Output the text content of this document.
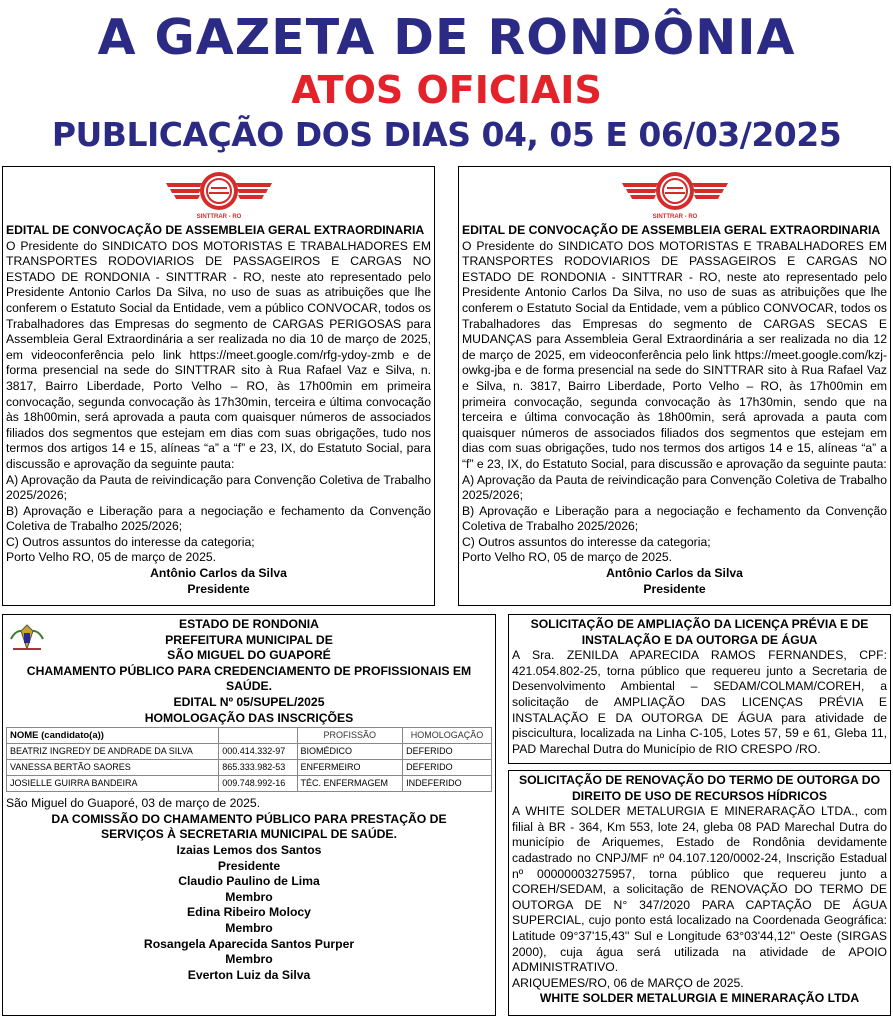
A GAZETA DE RONDÔNIA
ATOS OFICIAIS
PUBLICAÇÃO DOS DIAS 04, 05 E 06/03/2025
SINTTRAR - RO
EDITAL DE CONVOCAÇÃO DE ASSEMBLEIA GERAL EXTRAORDINARIA

O Presidente do SINDICATO DOS MOTORISTAS E TRABALHADORES EM TRANSPORTES RODOVIARIOS DE PASSAGEIROS E CARGAS NO ESTADO DE RONDONIA - SINTTRAR - RO, neste ato representado pelo Presidente Antonio Carlos Da Silva, no uso de suas as atribuições que lhe conferem o Estatuto Social da Entidade, vem a público CONVOCAR, todos os Trabalhadores das Empresas do segmento de CARGAS PERIGOSAS para Assembleia Geral Extraordinária a ser realizada no dia 10 de março de 2025, em videoconferência pelo link https://meet.google.com/rfg-ydoy-zmb e de forma presencial na sede do SINTTRAR sito à Rua Rafael Vaz e Silva, n. 3817, Bairro Liberdade, Porto Velho – RO, às 17h00min em primeira convocação, segunda convocação às 17h30min, terceira e última convocação às 18h00min, será aprovada a pauta com quaisquer números de associados filiados dos segmentos que estejam em dias com suas obrigações, tudo nos termos dos artigos 14 e 15, alíneas “a” a “f” e 23, IX, do Estatuto Social, para discussão e aprovação da seguinte pauta:

A) Aprovação da Pauta de reivindicação para Convenção Coletiva de Trabalho 2025/2026;

B) Aprovação e Liberação para a negociação e fechamento da Convenção Coletiva de Trabalho 2025/2026;

C) Outros assuntos do interesse da categoria;

Porto Velho RO, 05 de março de 2025.

Antônio Carlos da Silva
Presidente
SINTTRAR - RO
EDITAL DE CONVOCAÇÃO DE ASSEMBLEIA GERAL EXTRAORDINARIA

O Presidente do SINDICATO DOS MOTORISTAS E TRABALHADORES EM TRANSPORTES RODOVIARIOS DE PASSAGEIROS E CARGAS NO ESTADO DE RONDONIA - SINTTRAR - RO, neste ato representado pelo Presidente Antonio Carlos Da Silva, no uso de suas as atribuições que lhe conferem o Estatuto Social da Entidade, vem a público CONVOCAR, todos os Trabalhadores das Empresas do segmento de CARGAS SECAS E MUDANÇAS para Assembleia Geral Extraordinária a ser realizada no dia 12 de março de 2025, em videoconferência pelo link https://meet.google.com/kzj-owkg-jba e de forma presencial na sede do SINTTRAR sito à Rua Rafael Vaz e Silva, n. 3817, Bairro Liberdade, Porto Velho – RO, às 17h00min em primeira convocação, segunda convocação às 17h30min, sendo que na terceira e última convocação às 18h00min, será aprovada a pauta com quaisquer números de associados filiados dos segmentos que estejam em dias com suas obrigações, tudo nos termos dos artigos 14 e 15, alíneas “a” a “f” e 23, IX, do Estatuto Social, para discussão e aprovação da seguinte pauta:

A) Aprovação da Pauta de reivindicação para Convenção Coletiva de Trabalho 2025/2026;

B) Aprovação e Liberação para a negociação e fechamento da Convenção Coletiva de Trabalho 2025/2026;

C) Outros assuntos do interesse da categoria;

Porto Velho RO, 05 de março de 2025.

Antônio Carlos da Silva
Presidente
ESTADO DE RONDONIA
PREFEITURA MUNICIPAL DE
SÃO MIGUEL DO GUAPORÉ
CHAMAMENTO PÚBLICO PARA CREDENCIAMENTO DE PROFISSIONAIS EM SAÚDE.
EDITAL Nº 05/SUPEL/2025
HOMOLOGAÇÃO DAS INSCRIÇÕES
NOME (candidato(a))		PROFISSÃO	HOMOLOGAÇÃO
BEATRIZ INGREDY DE ANDRADE DA SILVA	000.414.332-97	BIOMÉDICO	DEFERIDO
VANESSA BERTÃO SAORES	865.333.982-53	ENFERMEIRO	DEFERIDO
JOSIELLE GUIRRA BANDEIRA	009.748.992-16	TÉC. ENFERMAGEM	INDEFERIDO

São Miguel do Guaporé, 03 de março de 2025.

DA COMISSÃO DO CHAMAMENTO PÚBLICO PARA PRESTAÇÃO DE SERVIÇOS À SECRETARIA MUNICIPAL DE SAÚDE.
Izaias Lemos dos Santos
Presidente
Claudio Paulino de Lima
Membro
Edina Ribeiro Molocy
Membro
Rosangela Aparecida Santos Purper
Membro
Everton Luiz da Silva
SOLICITAÇÃO DE AMPLIAÇÃO DA LICENÇA PRÉVIA E DE INSTALAÇÃO E DA OUTORGA DE ÁGUA

A Sra. ZENILDA APARECIDA RAMOS FERNANDES, CPF: 421.054.802-25, torna público que requereu junto a Secretaria de Desenvolvimento Ambiental – SEDAM/COLMAM/COREH, a solicitação de AMPLIAÇÃO DAS LICENÇAS PRÉVIA E INSTALAÇÃO E DA OUTORGA DE ÁGUA para atividade de piscicultura, localizada na Linha C-105, Lotes 57, 59 e 61, Gleba 11, PAD Marechal Dutra do Município de RIO CRESPO /RO.

SOLICITAÇÃO DE RENOVAÇÃO DO TERMO DE OUTORGA DO DIREITO DE USO DE RECURSOS HÍDRICOS

A WHITE SOLDER METALURGIA E MINERARAÇÃO LTDA., com filial à BR - 364, Km 553, lote 24, gleba 08 PAD Marechal Dutra do município de Ariquemes, Estado de Rondônia devidamente cadastrado no CNPJ/MF nº 04.107.120/0002-24, Inscrição Estadual nº 00000003275957, torna público que requereu junto a COREH/SEDAM, a solicitação de RENOVAÇÃO DO TERMO DE OUTORGA DE N° 347/2020 PARA CAPTAÇÃO DE ÁGUA SUPERCIAL, cujo ponto está localizado na Coordenada Geográfica: Latitude 09°37'15,43'' Sul e Longitude 63°03'44,12'' Oeste (SIRGAS 2000), cuja água será utilizada na atividade de APOIO ADMINISTRATIVO.

ARIQUEMES/RO, 06 de MARÇO de 2025.

WHITE SOLDER METALURGIA E MINERARAÇÃO LTDA
